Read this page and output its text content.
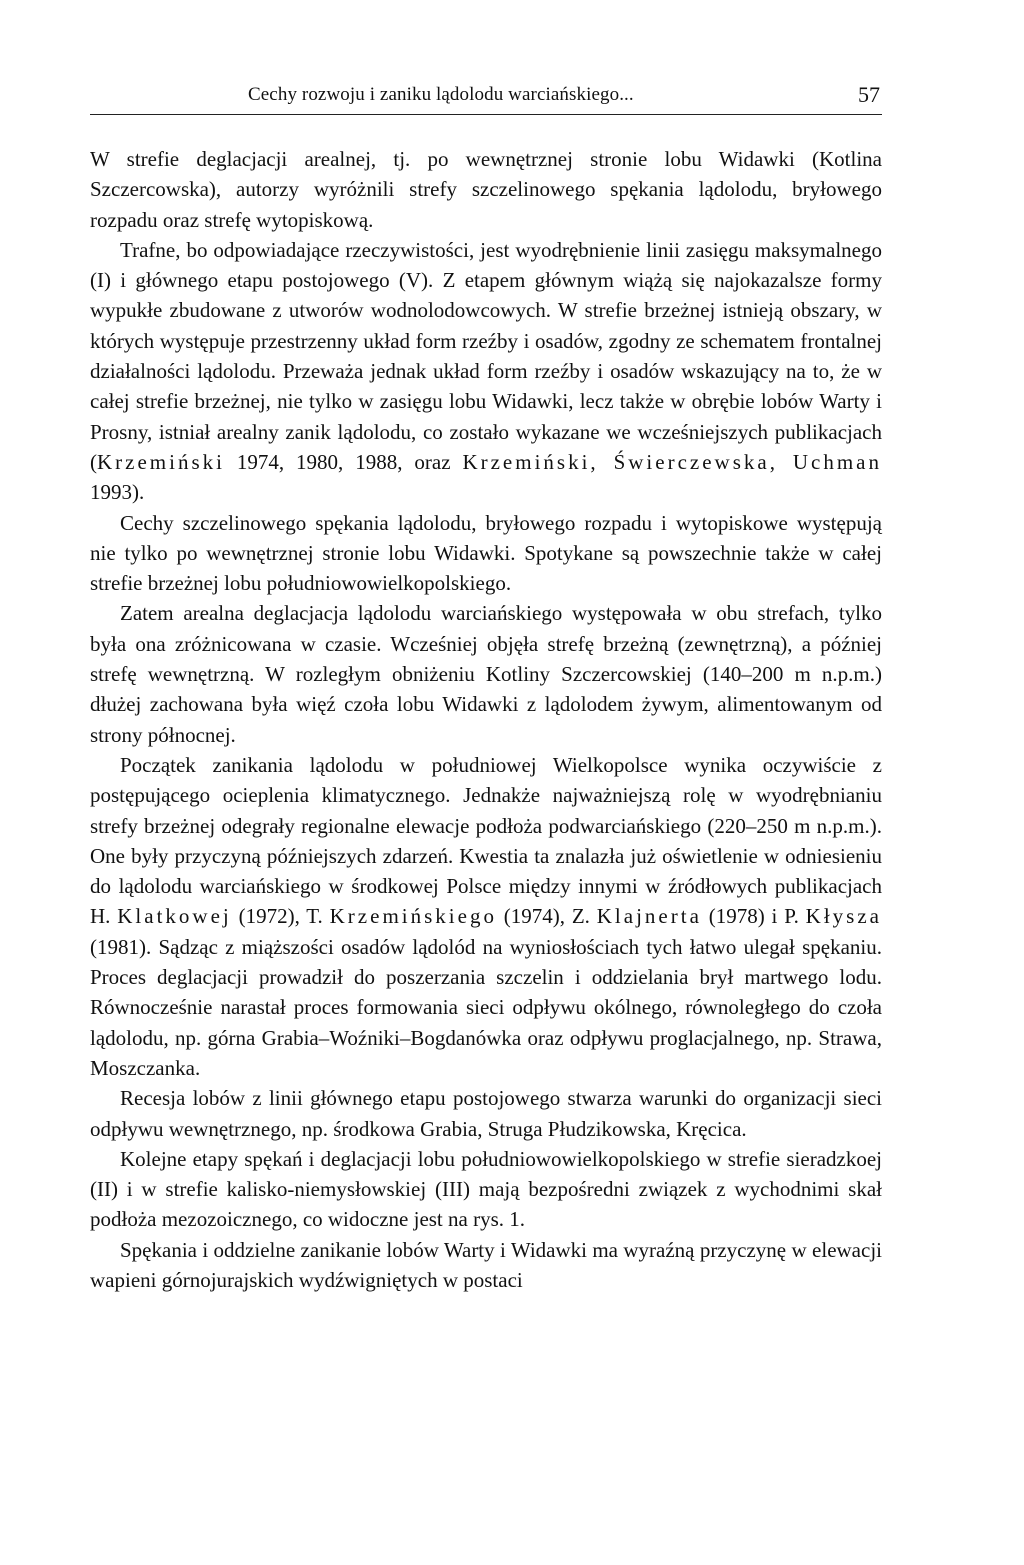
Cechy rozwoju i zaniku lądolodu warciańskiego...	57

W strefie deglacjacji arealnej, tj. po wewnętrznej stronie lobu Widawki (Kotlina Szczercowska), autorzy wyróżnili strefy szczelinowego spękania lądolodu, bryłowego rozpadu oraz strefę wytopiskową.

Trafne, bo odpowiadające rzeczywistości, jest wyodrębnienie linii zasięgu maksymalnego (I) i głównego etapu postojowego (V). Z etapem głównym wiążą się najokazalsze formy wypukłe zbudowane z utworów wodnolodowcowych. W strefie brzeżnej istnieją obszary, w których występuje przestrzenny układ form rzeźby i osadów, zgodny ze schematem frontalnej działalności lądolodu. Przeważa jednak układ form rzeźby i osadów wskazujący na to, że w całej strefie brzeżnej, nie tylko w zasięgu lobu Widawki, lecz także w obrębie lobów Warty i Prosny, istniał arealny zanik lądolodu, co zostało wykazane we wcześniejszych publikacjach (Krzemiński 1974, 1980, 1988, oraz Krzemiński, Świerczewska, Uchman 1993).

Cechy szczelinowego spękania lądolodu, bryłowego rozpadu i wytopiskowe występują nie tylko po wewnętrznej stronie lobu Widawki. Spotykane są powszechnie także w całej strefie brzeżnej lobu południowowielkopolskiego.

Zatem arealna deglacjacja lądolodu warciańskiego występowała w obu strefach, tylko była ona zróżnicowana w czasie. Wcześniej objęła strefę brzeżną (zewnętrzną), a później strefę wewnętrzną. W rozległym obniżeniu Kotliny Szczercowskiej (140–200 m n.p.m.) dłużej zachowana była więź czoła lobu Widawki z lądolodem żywym, alimentowanym od strony północnej.

Początek zanikania lądolodu w południowej Wielkopolsce wynika oczywiście z postępującego ocieplenia klimatycznego. Jednakże najważniejszą rolę w wyodrębnianiu strefy brzeżnej odegrały regionalne elewacje podłoża podwarciańskiego (220–250 m n.p.m.). One były przyczyną późniejszych zdarzeń. Kwestia ta znalazła już oświetlenie w odniesieniu do lądolodu warciańskiego w środkowej Polsce między innymi w źródłowych publikacjach H. Klatkowej (1972), T. Krzemińskiego (1974), Z. Klajnerta (1978) i P. Kłysza (1981). Sądząc z miąższości osadów lądolód na wyniosłościach tych łatwo ulegał spękaniu. Proces deglacjacji prowadził do poszerzania szczelin i oddzielania brył martwego lodu. Równocześnie narastał proces formowania sieci odpływu okólnego, równoległego do czoła lądolodu, np. górna Grabia–Woźniki–Bogdanówka oraz odpływu proglacjalnego, np. Strawa, Moszczanka.

Recesja lobów z linii głównego etapu postojowego stwarza warunki do organizacji sieci odpływu wewnętrznego, np. środkowa Grabia, Struga Płudzikowska, Kręcica.

Kolejne etapy spękań i deglacjacji lobu południowowielkopolskiego w strefie sieradzkoej (II) i w strefie kalisko-niemysłowskiej (III) mają bezpośredni związek z wychodnimi skał podłoża mezozoicznego, co widoczne jest na rys. 1.

Spękania i oddzielne zanikanie lobów Warty i Widawki ma wyraźną przyczynę w elewacji wapieni górnojurajskich wydźwigniętych w postaci
